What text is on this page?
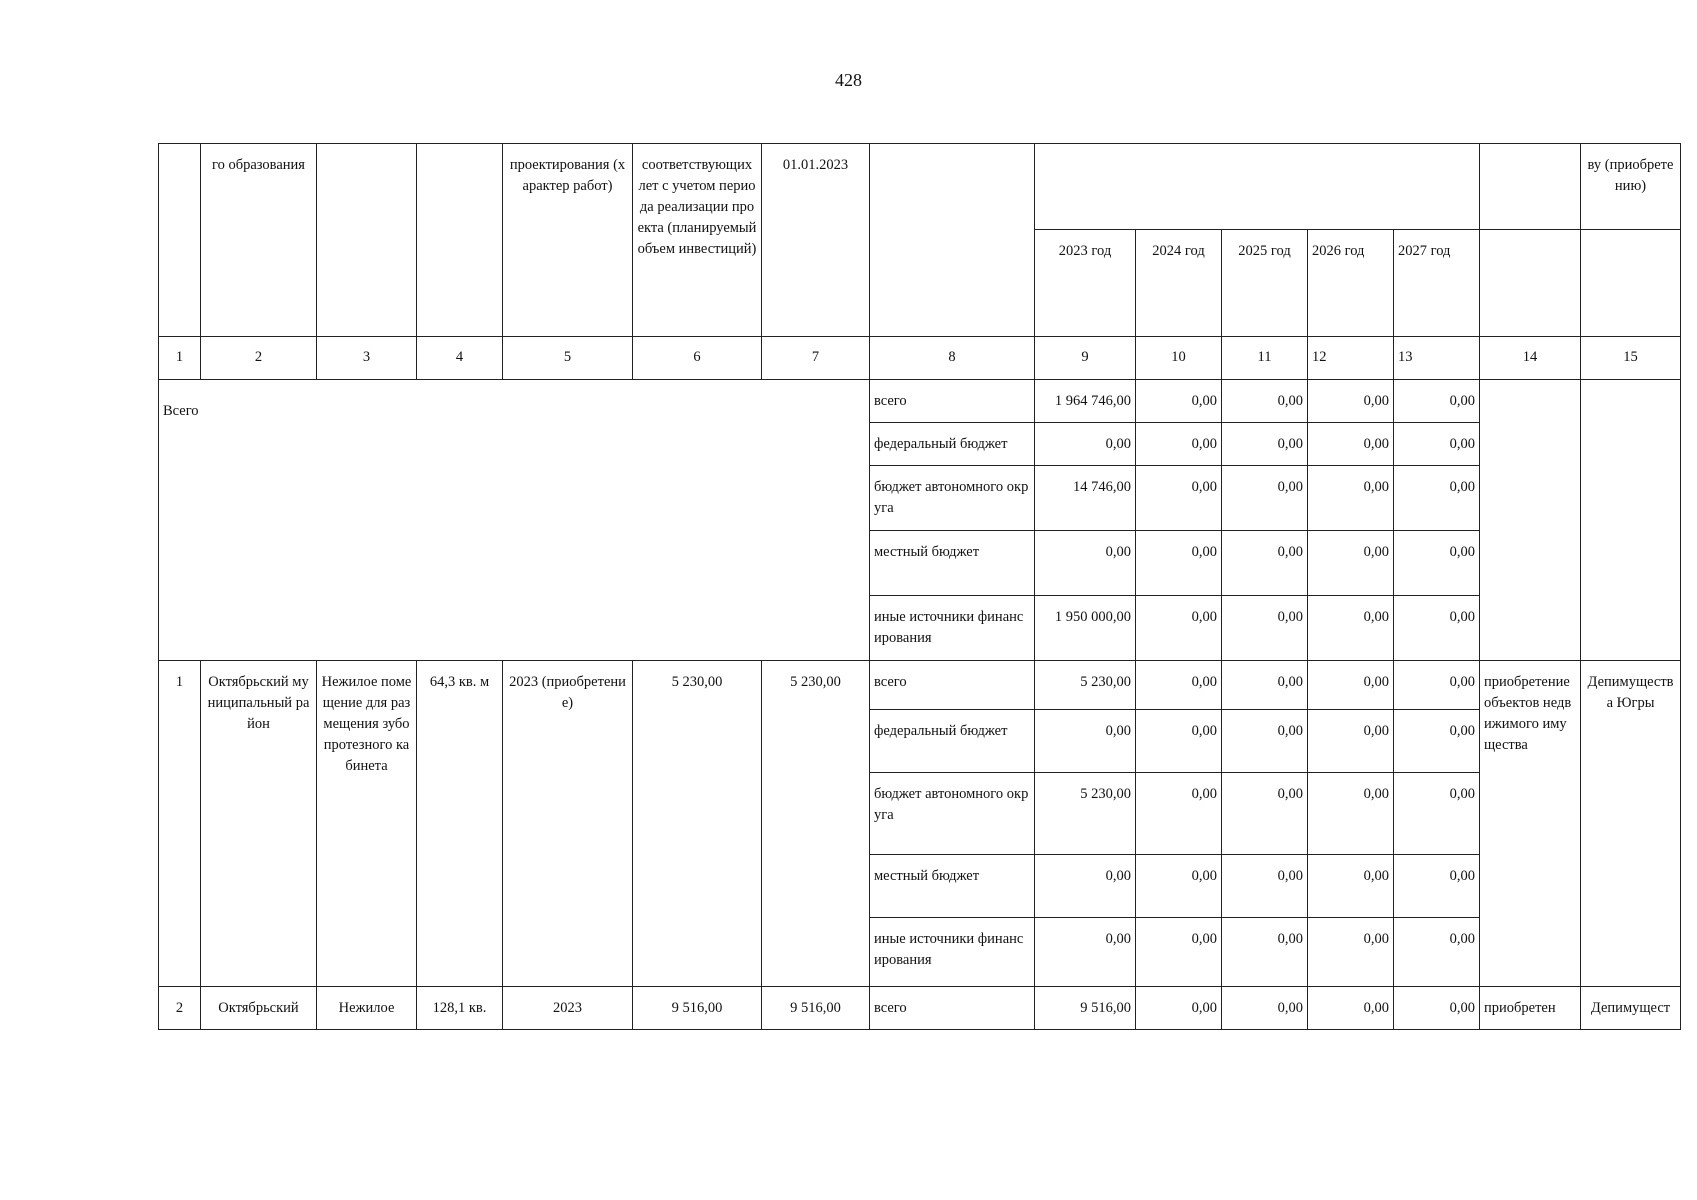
428
	го образования			проектирования (характер работ)	соответствующих лет с учетом периода реализации проекта (планируемый объем инвестиций)	01.01.2023								ву (приобретению)
								2023 год	2024 год	2025 год	2026 год	2027 год		
1	2	3	4	5	6	7	8	9	10	11	12	13	14	15
Всего							всего	1 964 746,00	0,00	0,00	0,00	0,00		
							федеральный бюджет	0,00	0,00	0,00	0,00	0,00		
							бюджет автономного округа	14 746,00	0,00	0,00	0,00	0,00		
							местный бюджет	0,00	0,00	0,00	0,00	0,00		
							иные источники финансирования	1 950 000,00	0,00	0,00	0,00	0,00		
1	Октябрьский муниципальный район	Нежилое помещение для размещения зубопротезного кабинета	64,3 кв. м	2023 (приобретение)	5 230,00	5 230,00	всего	5 230,00	0,00	0,00	0,00	0,00	приобретение объектов недвижимого имущества	Депимущества Югры
							федеральный бюджет	0,00	0,00	0,00	0,00	0,00		
							бюджет автономного округа	5 230,00	0,00	0,00	0,00	0,00		
							местный бюджет	0,00	0,00	0,00	0,00	0,00		
							иные источники финансирования	0,00	0,00	0,00	0,00	0,00		
2	Октябрьский	Нежилое	128,1 кв.	2023	9 516,00	9 516,00	всего	9 516,00	0,00	0,00	0,00	0,00	приобретен	Депимущест
